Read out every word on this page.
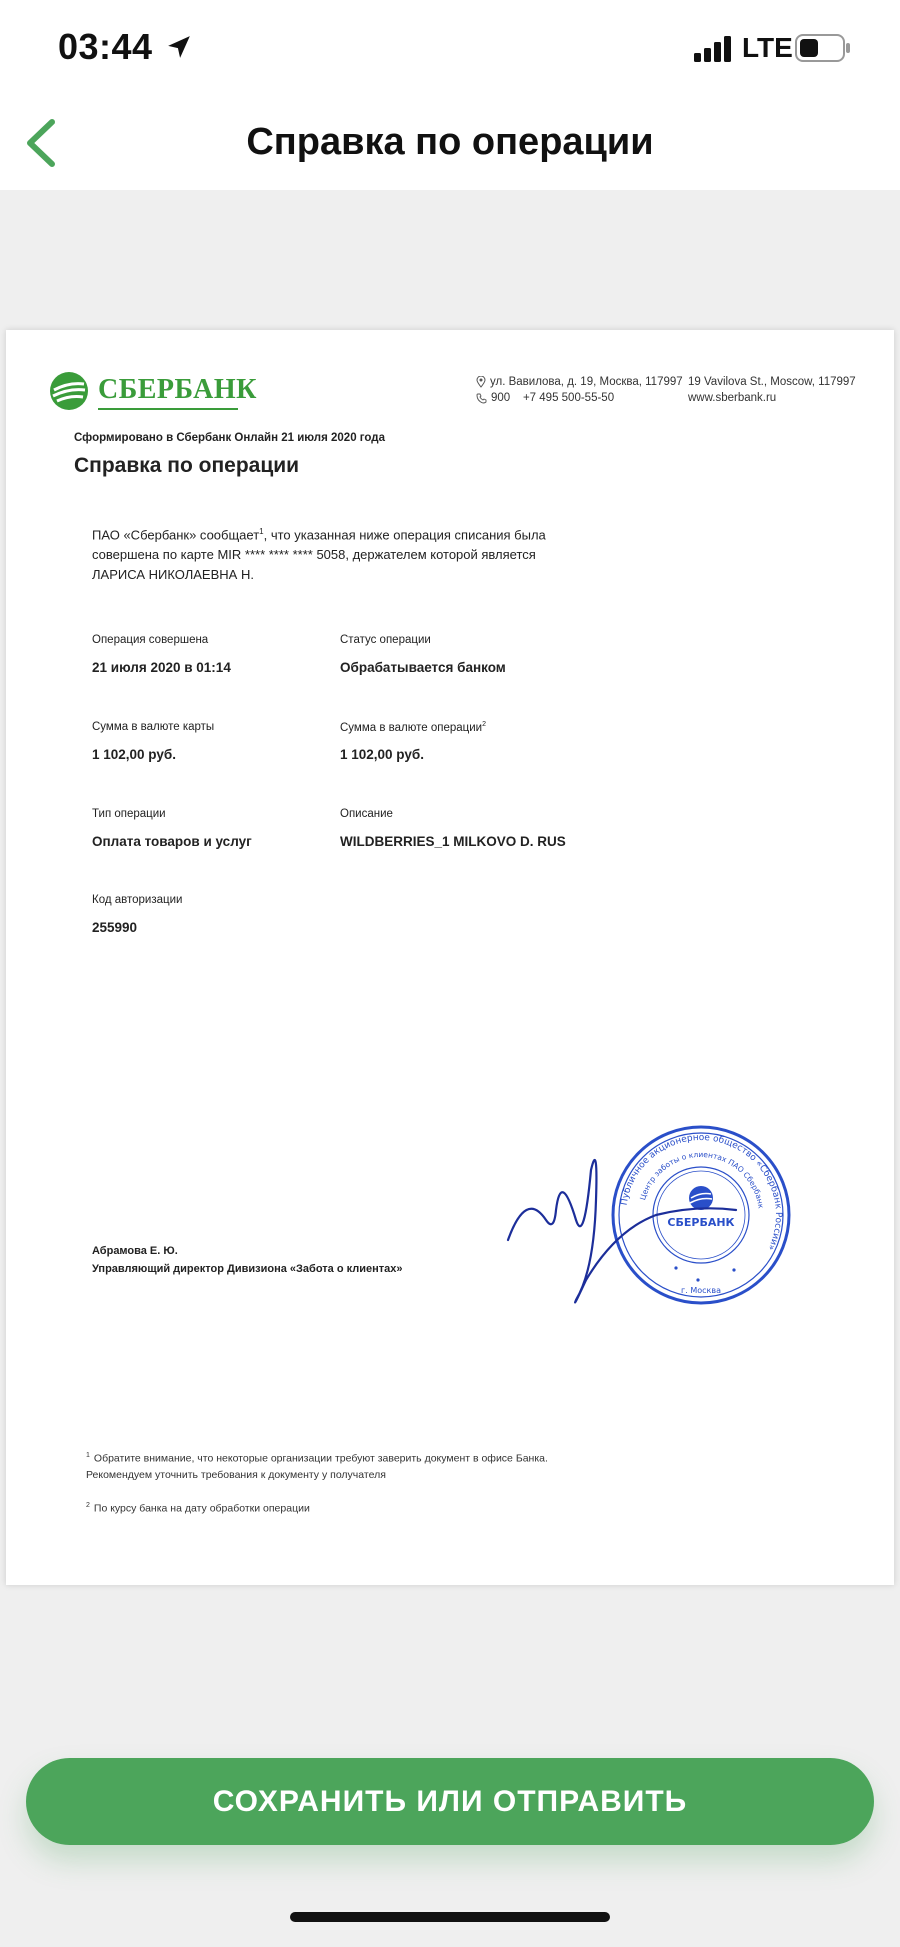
03:44	LTE
Справка по операции
СБЕРБАНК	ул. Вавилова, д. 19, Москва, 117997
900    +7 495 500-55-50
19 Vavilova St., Moscow, 117997
www.sberbank.ru
Сформировано в Сбербанк Онлайн 21 июля 2020 года
Справка по операции
ПАО «Сбербанк» сообщает$^1$, что указанная ниже операция списания была совершена по карте MIR **** **** **** 5058, держателем которой является ЛАРИСА НИКОЛАЕВНА Н.
Операция совершена
21 июля 2020 в 01:14
Статус операции
Обрабатывается банком
Сумма в валюте карты
1 102,00 руб.
Сумма в валюте операции$^2$
1 102,00 руб.
Тип операции
Оплата товаров и услуг
Описание
WILDBERRIES_1 MILKOVO D. RUS
Код авторизации
255990
Абрамова Е. Ю.
Управляющий директор Дивизиона «Забота о клиентах»
Публичное акционерное общество «Сбербанк России»
Центр заботы о клиентах ПАО Сбербанк
СБЕРБАНК
г. Москва
$^1$ Обратите внимание, что некоторые организации требуют заверить документ в офисе Банка. Рекомендуем уточнить требования к документу у получателя
$^2$ По курсу банка на дату обработки операции
СОХРАНИТЬ ИЛИ ОТПРАВИТЬ
